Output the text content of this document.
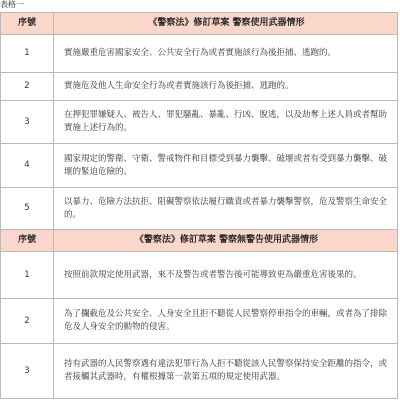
表格一
序號	《警察法》修訂草案 警察使用武器情形
1	實施嚴重危害國家安全、公共安全行為或者實施該行為後拒捕、逃跑的。
2	實施危及他人生命安全行為或者實施該行為後拒捕、逃跑的。
3	在押犯罪嫌疑人、被告人、罪犯騷亂、暴亂、行凶、脫逃，以及劫奪上述人員或者幫助實施上述行為的。
4	國家規定的警衛、守衛、警戒物件和目標受到暴力襲擊、破壞或者有受到暴力襲擊、破壞的緊迫危險的。
5	以暴力、危險方法抗拒、阻礙警察依法履行職責或者暴力襲擊警察，危及警察生命安全的。
序號	《警察法》修訂草案 警察無警告使用武器情形
1	按照前款規定使用武器，來不及警告或者警告後可能導致更為嚴重危害後果的。
2	為了攔截危及公共安全、人身安全且拒不聽從人民警察停車指令的車輛，或者為了排除危及人身安全的動物的侵害。
3	持有武器的人民警察遇有違法犯罪行為人拒不聽從該人民警察保持安全距離的指令，或者接觸其武器時，有權根據第一款第五項的規定使用武器。
